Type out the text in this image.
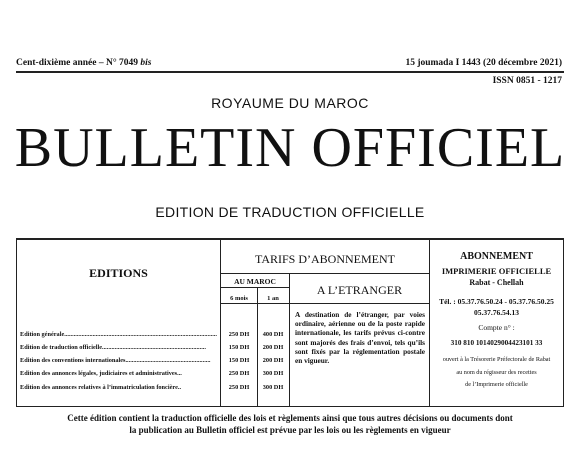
Cent-dixième année – N° 7049 bis	15 joumada I 1443 (20 décembre 2021)
ISSN 0851 - 1217
ROYAUME DU MAROC
BULLETIN OFFICIEL
EDITION DE TRADUCTION OFFICIELLE
EDITIONS
TARIFS D’ABONNEMENT
AU MAROC
A L’ETRANGER
6 mois	1 an
Edition générale.................................................................................................	250 DH	400 DH
Edition de traduction officielle..................................................................	150 DH	200 DH
Edition des conventions internationales......................................................	150 DH	200 DH
Edition des annonces légales, judiciaires et administratives...	250 DH	300 DH
Edition des annonces relatives à l’immatriculation foncière..	250 DH	300 DH
A destination de l’étranger, par voies ordinaire, aérienne ou de la poste rapide internationale, les tarifs prévus ci-contre sont majorés des frais d’envoi, tels qu’ils sont fixés par la réglementation postale en vigueur.
ABONNEMENT
IMPRIMERIE OFFICIELLE
Rabat - Chellah
Tél. : 05.37.76.50.24 - 05.37.76.50.25
05.37.76.54.13
Compte n° :
310 810 1014029004423101 33
ouvert à la Trésorerie Préfectorale de Rabat
au nom du régisseur des recettes
de l’Imprimerie officielle
Cette édition contient la traduction officielle des lois et règlements ainsi que tous autres décisions ou documents dont
la publication au Bulletin officiel est prévue par les lois ou les règlements en vigueur
